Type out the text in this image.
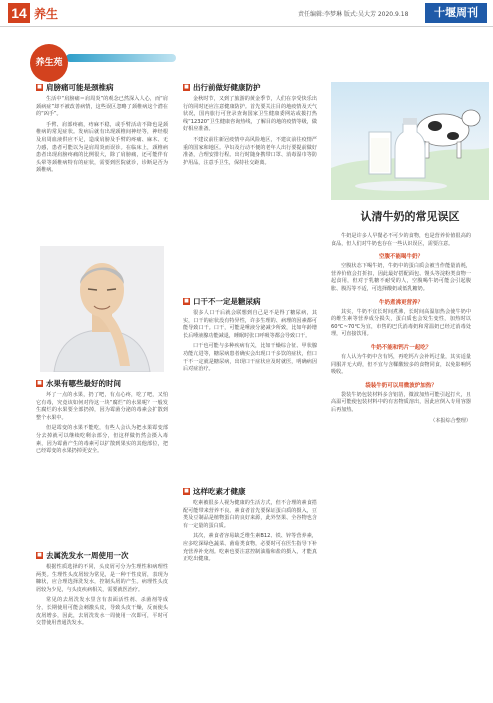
14 养生	责任编辑:李梦琳 版式:吴大芳 2020.9.18	十堰周刊
养生苑
■ 肩膀痛可能是颈椎病

生活中“肩膀痛＝肩周炎”的观念已然深入人心，而“肩颈病症”却不被改善病情，这些误区忽略了颈椎病这个潜在的“凶手”。

手臂、肩部疼痛，痔麻不稳，或手臂活动不降也是颈椎病的常见症状。发病后就有出现颈椎间神经等，神经根及肩周血液供应不足，造成肩膀及手臂的疼痛、麻木、无力感，患者可能以为是肩周炎而误诊。在临床上，颈椎病患者出现肩膀疼痛的比例很大，除了肩膀痛，还可能伴有头晕等颈椎病特有的症状，需要到医院就诊，诊断是否为颈椎病。

■ 水果有哪些最好的时间

坏了一点的水果，扔了吧，有点心疼，吃了吧，又怕它有毒，究竟该如何对待这一块“腐烂”的水果呢？一般发生腐烂的水果要全部扔掉，因为霉菌分泌的毒素会扩散到整个水果中。

但是霉变的水果不能吃，有些人会认为把水果霉变部分去掉就可以继续吃剩余部分，但这样做仍然会摄入毒素，因为霉菌产生的毒素可以扩散到果实的其他部位，把已经霉变的水果扔掉更安全。

■ 去属洗发水一周使用一次

根据性质选择的不同，头皮屑可分为生理性和病理性两类。生理性头皮屑较为常见，是一种干性皮屑，表现为糠状，应合理选择洗发水，控制头屑的产生。病理性头皮屑较为少见，与头皮疾病相关，需要就医治疗。

常见的去屑洗发水里含有表面活性剂、杀菌剂等成分，长期使用可能会刺激头皮，导致头皮干燥，反而使头皮屑增多，因此，去屑洗发水一周使用一次即可，平时可交替使用普通洗发水。

■ 出行前做好健康防护

金秋时节，又到了旅游的黄金季节，人们在享受快乐出行的同时还应注意健康防护。首先要关注目的地疫情及天气状况，国内旅行可登录查询国家卫生健康委网站或拨打热线“12320”卫生健康咨询热线，了解目的地的疫情等级，做好相应准备。

不建议前往新冠疫情中高风险地区，不建议前往疫情严重的国家和地区。孕妇及行动不便的老年人出行要提前做好准备，合理安排行程。出行时随身携带口罩、消毒湿巾等防护用品，注意手卫生，保持社交距离。

■ 口干不一定是糖尿病

很多人口干后就会联想到自己是不是得了糖尿病，其实，口干的症状没有特异性，许多生理的、病理的因素都可能导致口干。口干，可能是唾液分泌减少所致，比如年龄增长后唾液腺功能减退，睡眠时张口呼吸等都会导致口干。

口干也可能与多种疾病有关，比如干燥综合征、甲状腺功能亢进等，糖尿病患者确实会出现口干多饮的症状，但口干不一定就是糖尿病，出现口干症状应及时就医，明确病因后对症治疗。

■ 这样吃素才健康

吃素被很多人视为健康的生活方式，但不合理的素食搭配可能带来营养不良。素食者首先要保证蛋白质的摄入，豆类及豆制品是植物蛋白的良好来源，此外坚果、全谷物也含有一定量的蛋白质。

其次，素食者容易缺乏维生素B12、铁、锌等营养素，应多吃深绿色蔬菜、菌菇类食物，必要时可在医生指导下补充营养补充剂。吃素也要注意控制油脂和盐的摄入，才能真正吃出健康。

认清牛奶的常见误区

牛奶是许多人早餐必不可少的食物，也是营养价值很高的食品，但人们对牛奶也存在一些认识误区，需要注意。

空腹不能喝牛奶？

空腹状态下喝牛奶，牛奶中的蛋白质会被当作能量消耗，营养价值会打折扣，因此最好搭配面包、馒头等淀粉类食物一起食用，但对于乳糖不耐受的人，空腹喝牛奶可能会引起腹胀、腹泻等不适，可选择酸奶或低乳糖奶。

牛奶煮沸更营养？

其实，牛奶不宜长时间煮沸，长时间高温加热会使牛奶中的维生素等营养成分损失，蛋白质也会发生变性，加热时以60℃~70℃为宜，市售的巴氏消毒奶和常温奶已经过消毒处理，可直接饮用。

牛奶不能和钙片一起吃？

有人认为牛奶中含有钙，再吃钙片会补钙过量，其实适量同服并无大碍，但不宜与含鞣酸较多的食物同食，以免影响钙吸收。

袋装牛奶可以用微波炉加热？

袋装牛奶包装材料多含铝箔，微波加热可能引起打火，且高温可能使包装材料中的有害物质溶出，因此应倒入专用容器后再加热。

（本报综合整理）
